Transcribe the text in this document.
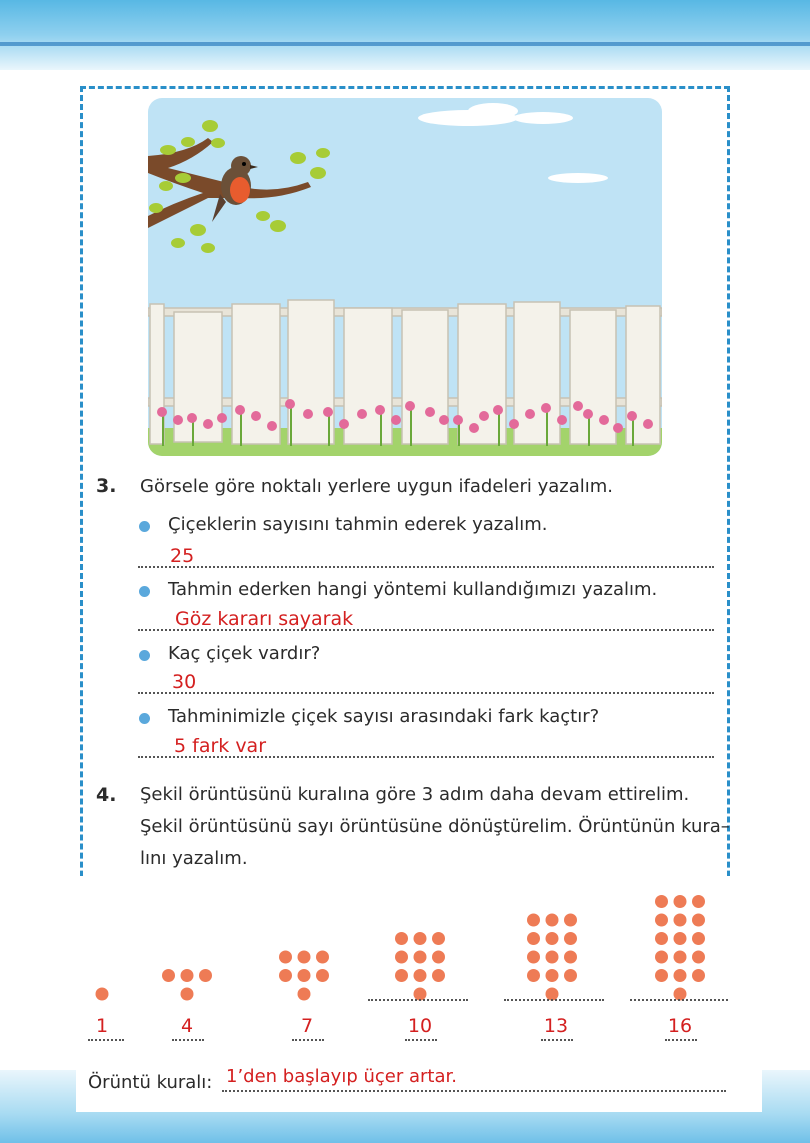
3. Görsele göre noktalı yerlere uygun ifadeleri yazalım.
Çiçeklerin sayısını tahmin ederek yazalım.
25
Tahmin ederken hangi yöntemi kullandığımızı yazalım.
Göz kararı sayarak
Kaç çiçek vardır?
30
Tahminimizle çiçek sayısı arasındaki fark kaçtır?
5 fark var
4. Şekil örüntüsünü kuralına göre 3 adım daha devam ettirelim.
Şekil örüntüsünü sayı örüntüsüne dönüştürelim. Örüntünün kura–
lını yazalım.
1	4	7	10	13	16
Örüntü kuralı: 1’den başlayıp üçer artar.
